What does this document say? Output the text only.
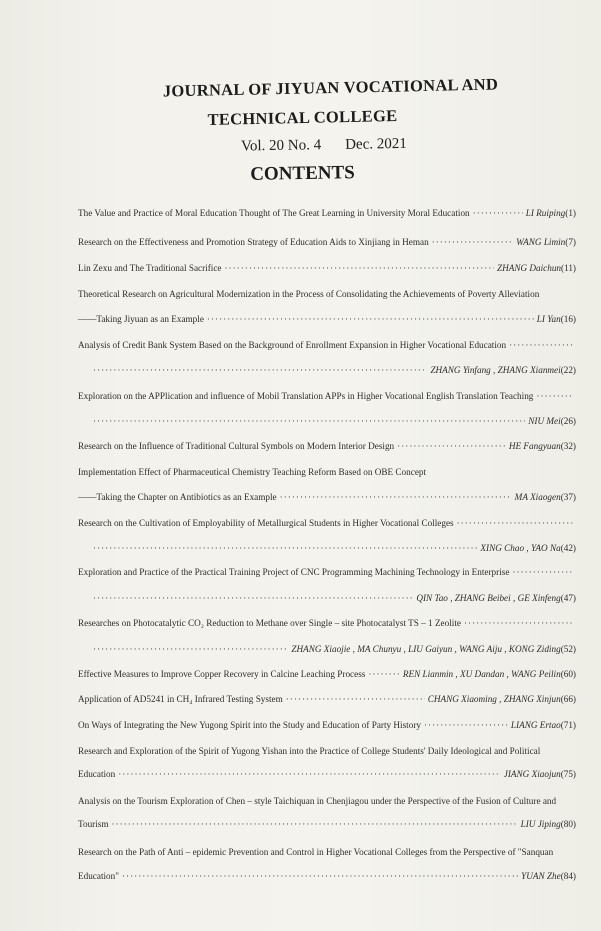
JOURNAL OF JIYUAN VOCATIONAL AND
TECHNICAL COLLEGE
Vol. 20 No. 4 Dec. 2021
CONTENTS
The Value and Practice of Moral Education Thought of The Great Learning in University Moral Education ·····	LI Ruiping (1)
Research on the Effectiveness and Promotion Strategy of Education Aids to Xinjiang in Heman ·····	WANG Limin (7)
Lin Zexu and The Traditional Sacrifice ·····	ZHANG Daichun (11)
Theoretical Research on Agricultural Modernization in the Process of Consolidating the Achievements of Poverty Alleviation
——Taking Jiyuan as an Example ·····	LI Yan (16)
Analysis of Credit Bank System Based on the Background of Enrollment Expansion in Higher Vocational Education
·····
·····
ZHANG Yinfang , ZHANG Xianmei (22)
Exploration on the APPlication and influence of Mobil Translation APPs in Higher Vocational English Translation Teaching
·····
·····
NIU Mei (26)
Research on the Influence of Traditional Cultural Symbols on Modern Interior Design ·····	HE Fangyuan (32)
Implementation Effect of Pharmaceutical Chemistry Teaching Reform Based on OBE Concept
——Taking the Chapter on Antibiotics as an Example ·····	MA Xiaogen (37)
Research on the Cultivation of Employability of Metallurgical Students in Higher Vocational Colleges
·····
·····
XING Chao , YAO Na (42)
Exploration and Practice of the Practical Training Project of CNC Programming Machining Technology in Enterprise
·····
·····
QIN Tao , ZHANG Beibei , GE Xinfeng (47)
Researches on Photocatalytic CO₂ Reduction to Methane over Single – site Photocatalyst TS – 1 Zeolite
·····
·····
ZHANG Xiaojie , MA Chunyu , LIU Gaiyun , WANG Aiju , KONG Ziding (52)
Effective Measures to Improve Copper Recovery in Calcine Leaching Process ·····	REN Lianmin , XU Dandan , WANG Peilin (60)
Application of AD5241 in CH₄ Infrared Testing System ·····	CHANG Xiaoming , ZHANG Xinjun (66)
On Ways of Integrating the New Yugong Spirit into the Study and Education of Party History ·····	LIANG Ertao (71)
Research and Exploration of the Spirit of Yugong Yishan into the Practice of College Students' Daily Ideological and Political
Education ·····	JIANG Xiaojun (75)
Analysis on the Tourism Exploration of Chen – style Taichiquan in Chenjiagou under the Perspective of the Fusion of Culture and
Tourism ·····	LIU Jiping (80)
Research on the Path of Anti – epidemic Prevention and Control in Higher Vocational Colleges from the Perspective of "Sanquan
Education" ·····	YUAN Zhe (84)
